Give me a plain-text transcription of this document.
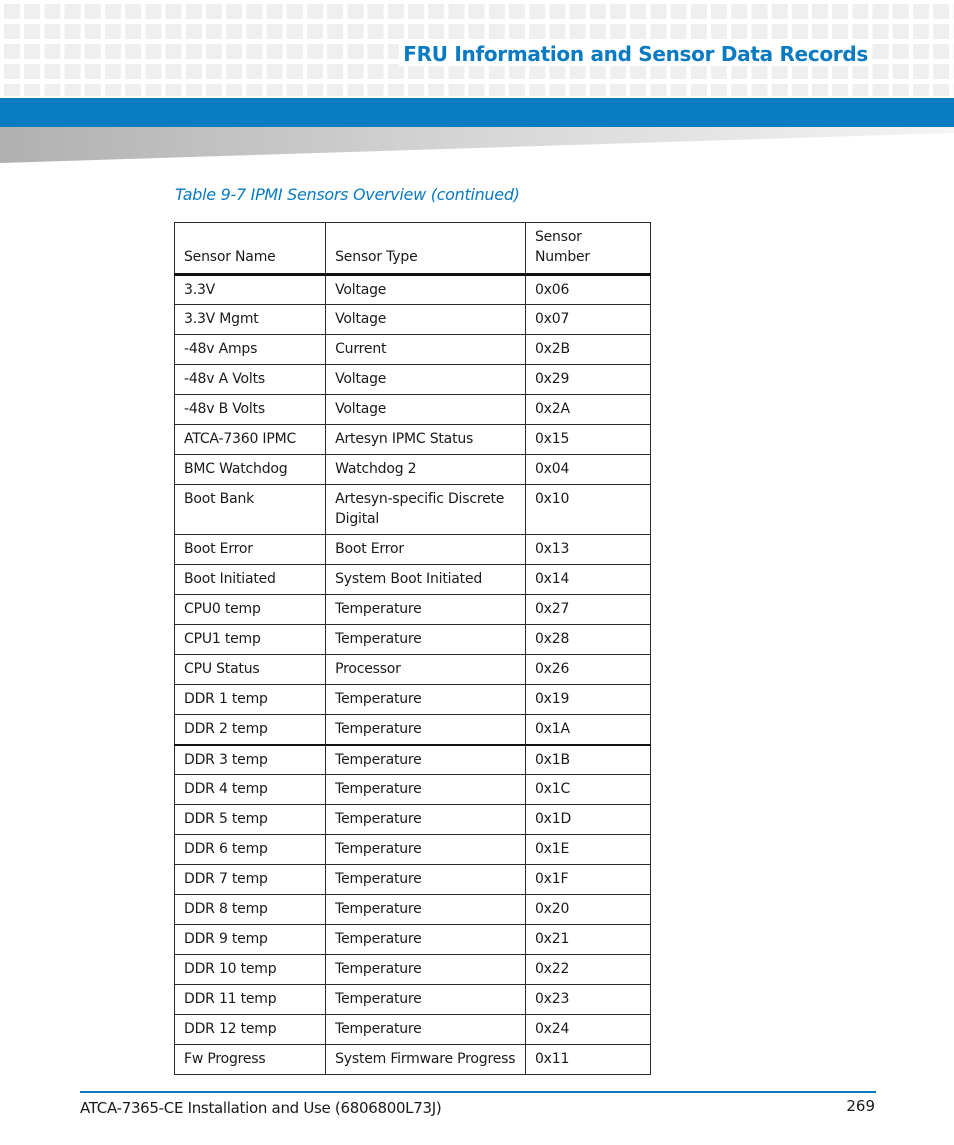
FRU Information and Sensor Data Records
Table 9-7 IPMI Sensors Overview (continued)
Sensor Name	Sensor Type	Sensor Number
3.3V	Voltage	0x06
3.3V Mgmt	Voltage	0x07
-48v Amps	Current	0x2B
-48v A Volts	Voltage	0x29
-48v B Volts	Voltage	0x2A
ATCA-7360 IPMC	Artesyn IPMC Status	0x15
BMC Watchdog	Watchdog 2	0x04
Boot Bank	Artesyn-specific Discrete Digital	0x10
Boot Error	Boot Error	0x13
Boot Initiated	System Boot Initiated	0x14
CPU0 temp	Temperature	0x27
CPU1 temp	Temperature	0x28
CPU Status	Processor	0x26
DDR 1 temp	Temperature	0x19
DDR 2 temp	Temperature	0x1A
DDR 3 temp	Temperature	0x1B
DDR 4 temp	Temperature	0x1C
DDR 5 temp	Temperature	0x1D
DDR 6 temp	Temperature	0x1E
DDR 7 temp	Temperature	0x1F
DDR 8 temp	Temperature	0x20
DDR 9 temp	Temperature	0x21
DDR 10 temp	Temperature	0x22
DDR 11 temp	Temperature	0x23
DDR 12 temp	Temperature	0x24
Fw Progress	System Firmware Progress	0x11
ATCA-7365-CE Installation and Use (6806800L73J)	269
